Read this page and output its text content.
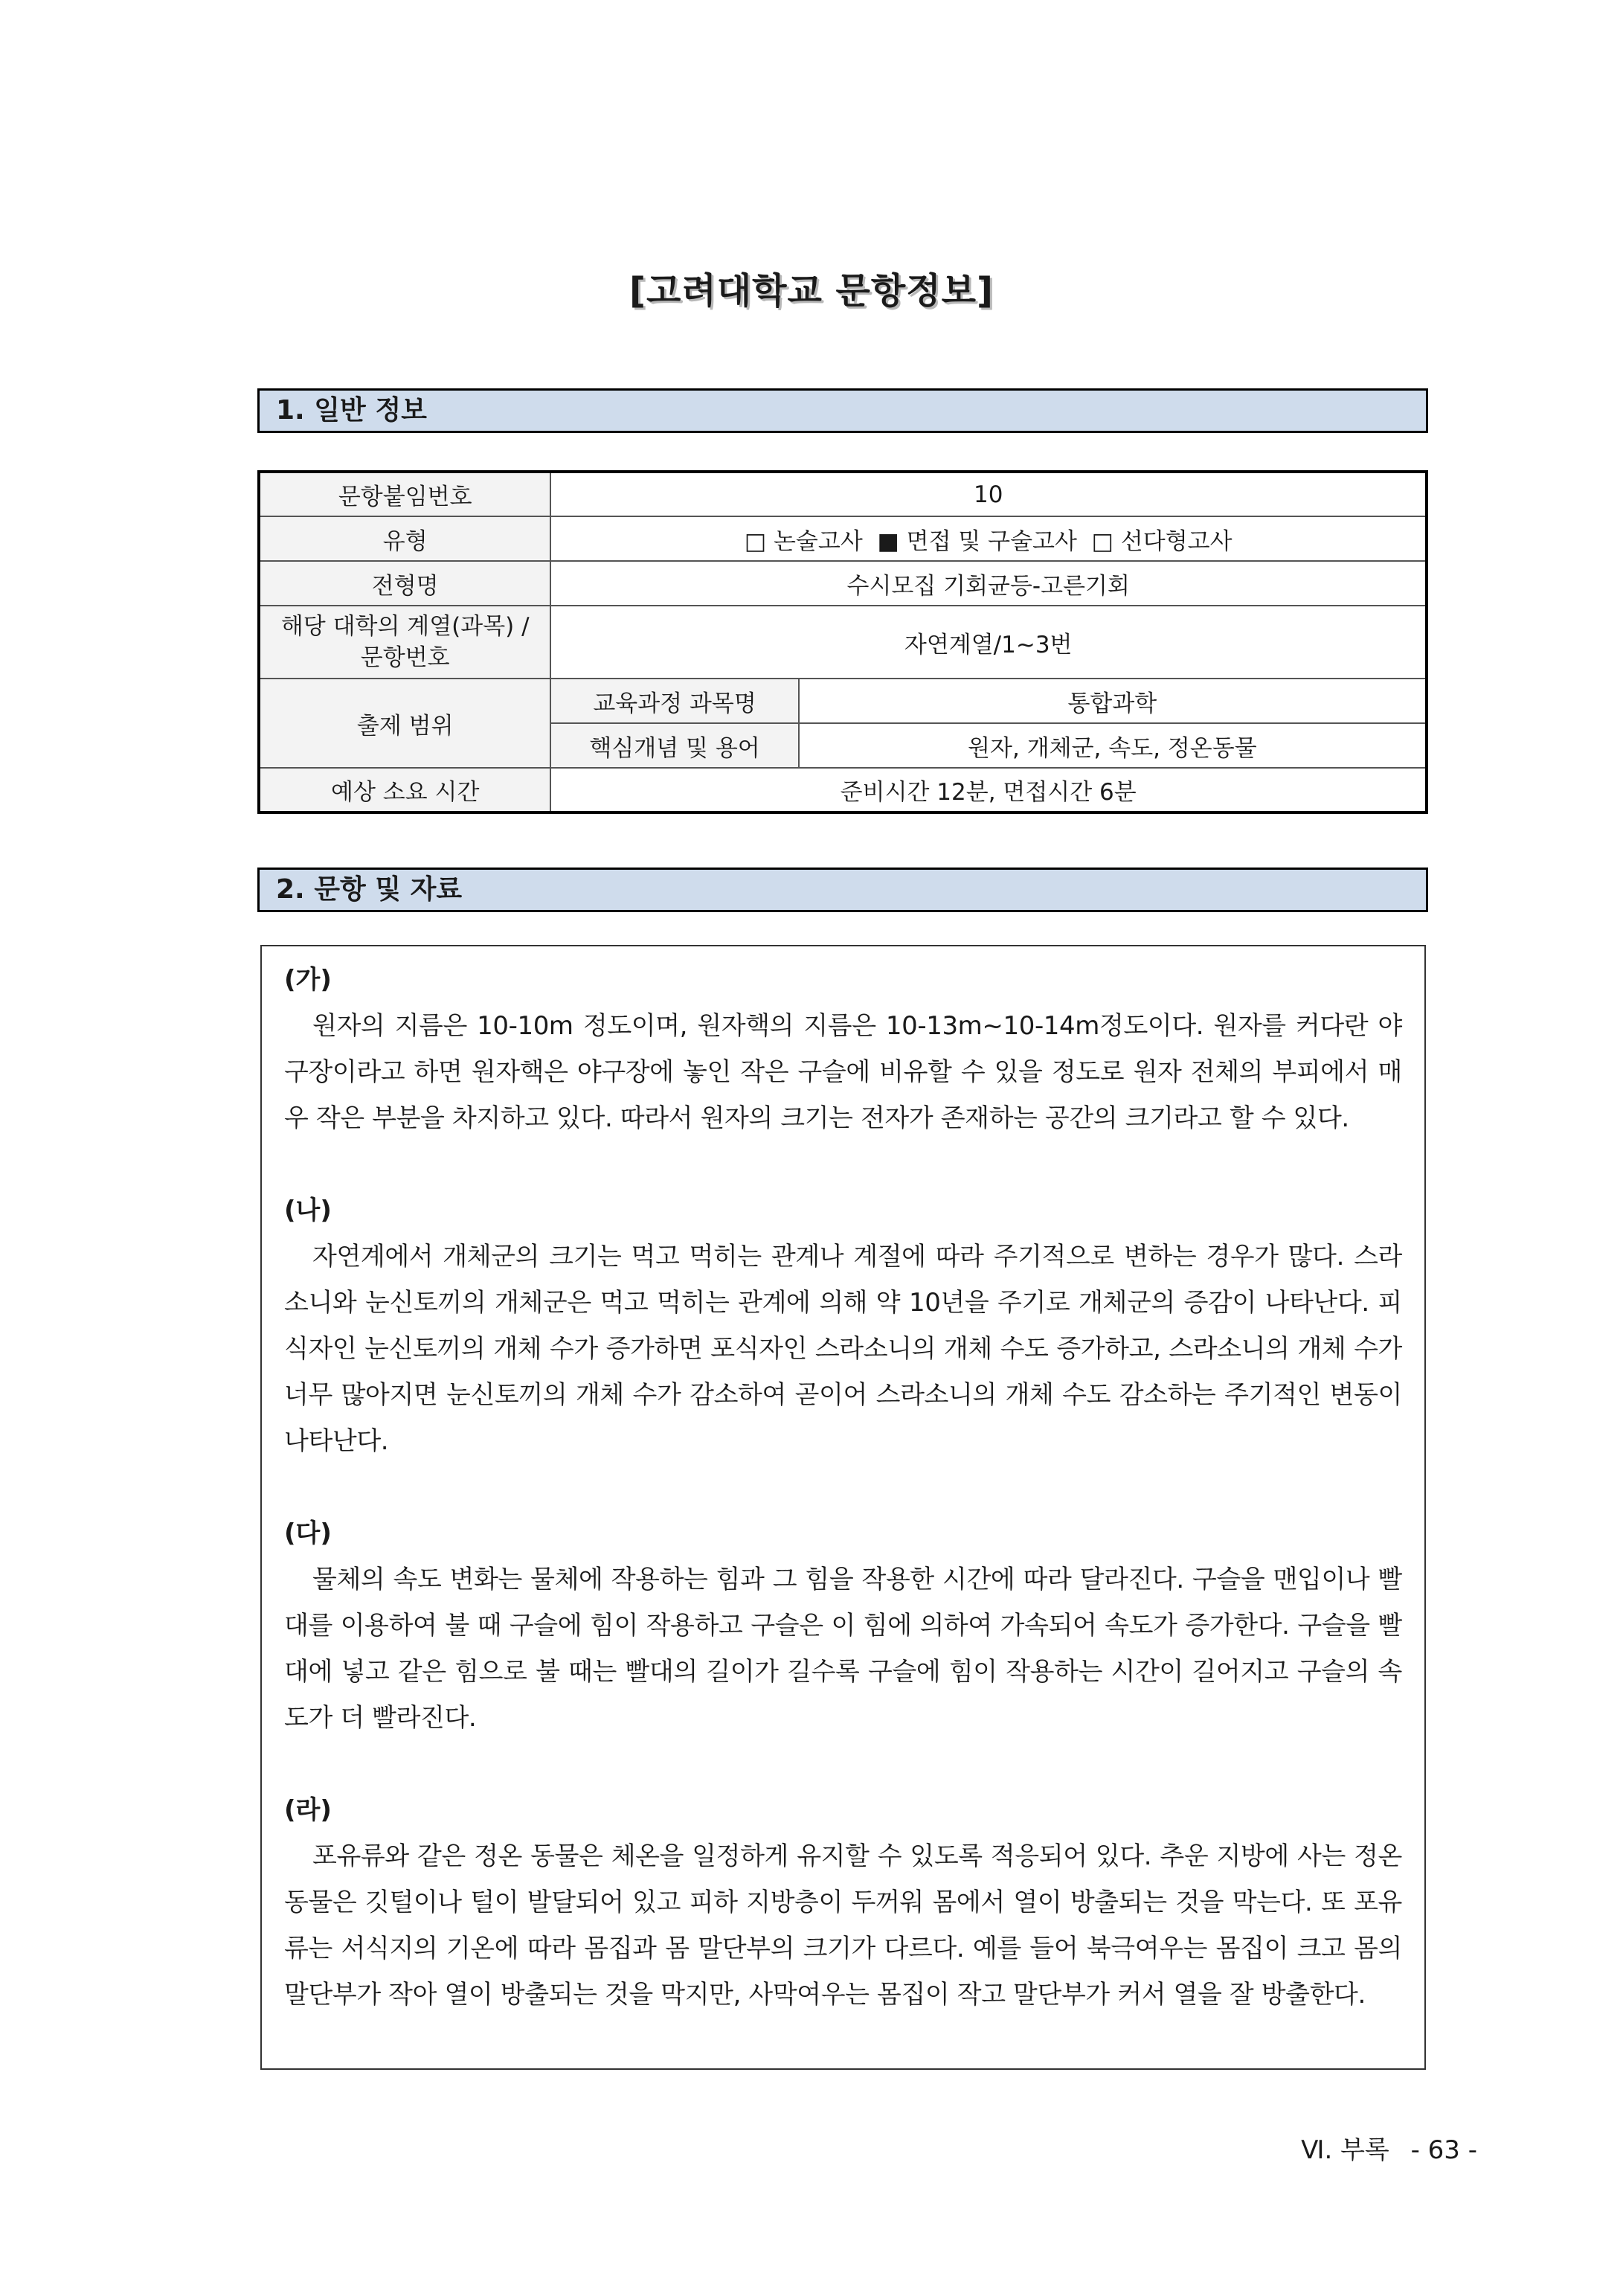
[고려대학교 문항정보]
1. 일반 정보
문항붙임번호	10	
유형	□ 논술고사  ■ 면접 및 구술고사  □ 선다형고사	
전형명	수시모집 기회균등-고른기회	
해당 대학의 계열(과목) / 문항번호	자연계열/1~3번	
출제 범위	교육과정 과목명	통합과학
	핵심개념 및 용어	원자, 개체군, 속도, 정온동물
예상 소요 시간	준비시간 12분, 면접시간 6분	
2. 문항 및 자료

(가)

원자의 지름은 10-10m 정도이며, 원자핵의 지름은 10-13m~10-14m정도이다. 원자를 커다란 야구장이라고 하면 원자핵은 야구장에 놓인 작은 구슬에 비유할 수 있을 정도로 원자 전체의 부피에서 매우 작은 부분을 차지하고 있다. 따라서 원자의 크기는 전자가 존재하는 공간의 크기라고 할 수 있다.

(나)

자연계에서 개체군의 크기는 먹고 먹히는 관계나 계절에 따라 주기적으로 변하는 경우가 많다. 스라소니와 눈신토끼의 개체군은 먹고 먹히는 관계에 의해 약 10년을 주기로 개체군의 증감이 나타난다. 피식자인 눈신토끼의 개체 수가 증가하면 포식자인 스라소니의 개체 수도 증가하고, 스라소니의 개체 수가 너무 많아지면 눈신토끼의 개체 수가 감소하여 곧이어 스라소니의 개체 수도 감소하는 주기적인 변동이 나타난다.

(다)

물체의 속도 변화는 물체에 작용하는 힘과 그 힘을 작용한 시간에 따라 달라진다. 구슬을 맨입이나 빨대를 이용하여 불 때 구슬에 힘이 작용하고 구슬은 이 힘에 의하여 가속되어 속도가 증가한다. 구슬을 빨대에 넣고 같은 힘으로 불 때는 빨대의 길이가 길수록 구슬에 힘이 작용하는 시간이 길어지고 구슬의 속도가 더 빨라진다.

(라)

포유류와 같은 정온 동물은 체온을 일정하게 유지할 수 있도록 적응되어 있다. 추운 지방에 사는 정온 동물은 깃털이나 털이 발달되어 있고 피하 지방층이 두꺼워 몸에서 열이 방출되는 것을 막는다. 또 포유류는 서식지의 기온에 따라 몸집과 몸 말단부의 크기가 다르다. 예를 들어 북극여우는 몸집이 크고 몸의 말단부가 작아 열이 방출되는 것을 막지만, 사막여우는 몸집이 작고 말단부가 커서 열을 잘 방출한다.

Ⅵ. 부록 - 63 -
